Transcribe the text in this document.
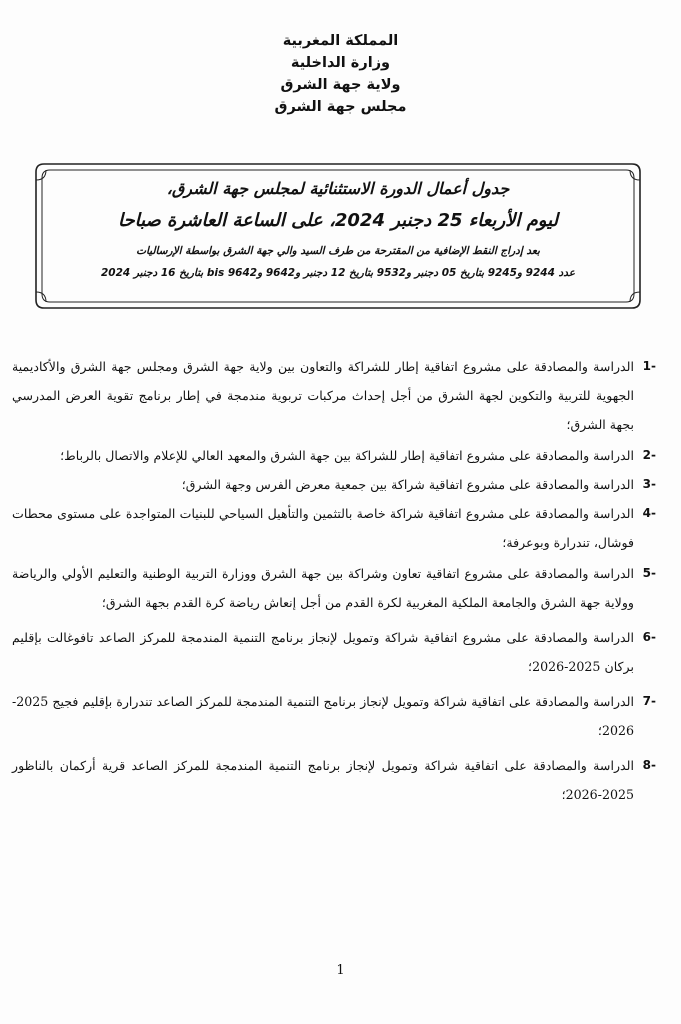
المملكة المغربية
وزارة الداخلية
ولاية جهة الشرق
مجلس جهة الشرق
جدول أعمال الدورة الاستثنائية لمجلس جهة الشرق،
ليوم الأربعاء 25 دجنبر 2024، على الساعة العاشرة صباحا
بعد إدراج النقط الإضافية من المقترحة من طرف السيد والي جهة الشرق بواسطة الإرساليات
عدد 9244 و9245 بتاريخ 05 دجنبر و9532 بتاريخ 12 دجنبر و9642 و9642 bis بتاريخ 16 دجنبر 2024
-1
الدراسة والمصادقة على مشروع اتفاقية إطار للشراكة والتعاون بين ولاية جهة الشرق ومجلس جهة الشرق والأكاديمية الجهوية للتربية والتكوين لجهة الشرق من أجل إحداث مركبات تربوية مندمجة في إطار برنامج تقوية العرض المدرسي بجهة الشرق؛
-2
الدراسة والمصادقة على مشروع اتفاقية إطار للشراكة بين جهة الشرق والمعهد العالي للإعلام والاتصال بالرباط؛
-3
الدراسة والمصادقة على مشروع اتفاقية شراكة بين جمعية معرض الفرس وجهة الشرق؛
-4
الدراسة والمصادقة على مشروع اتفاقية شراكة خاصة بالتثمين والتأهيل السياحي للبنيات المتواجدة على مستوى محطات فوشال، تندرارة وبوعرفة؛
-5
الدراسة والمصادقة على مشروع اتفاقية تعاون وشراكة بين جهة الشرق ووزارة التربية الوطنية والتعليم الأولي والرياضة وولاية جهة الشرق والجامعة الملكية المغربية لكرة القدم من أجل إنعاش رياضة كرة القدم بجهة الشرق؛
-6
الدراسة والمصادقة على مشروع اتفاقية شراكة وتمويل لإنجاز برنامج التنمية المندمجة للمركز الصاعد تافوغالت بإقليم بركان 2025-2026؛
-7
الدراسة والمصادقة على اتفاقية شراكة وتمويل لإنجاز برنامج التنمية المندمجة للمركز الصاعد تندرارة بإقليم فجيج 2025-2026؛
-8
الدراسة والمصادقة على اتفاقية شراكة وتمويل لإنجاز برنامج التنمية المندمجة للمركز الصاعد قرية أركمان بالناظور 2025-2026؛
1
